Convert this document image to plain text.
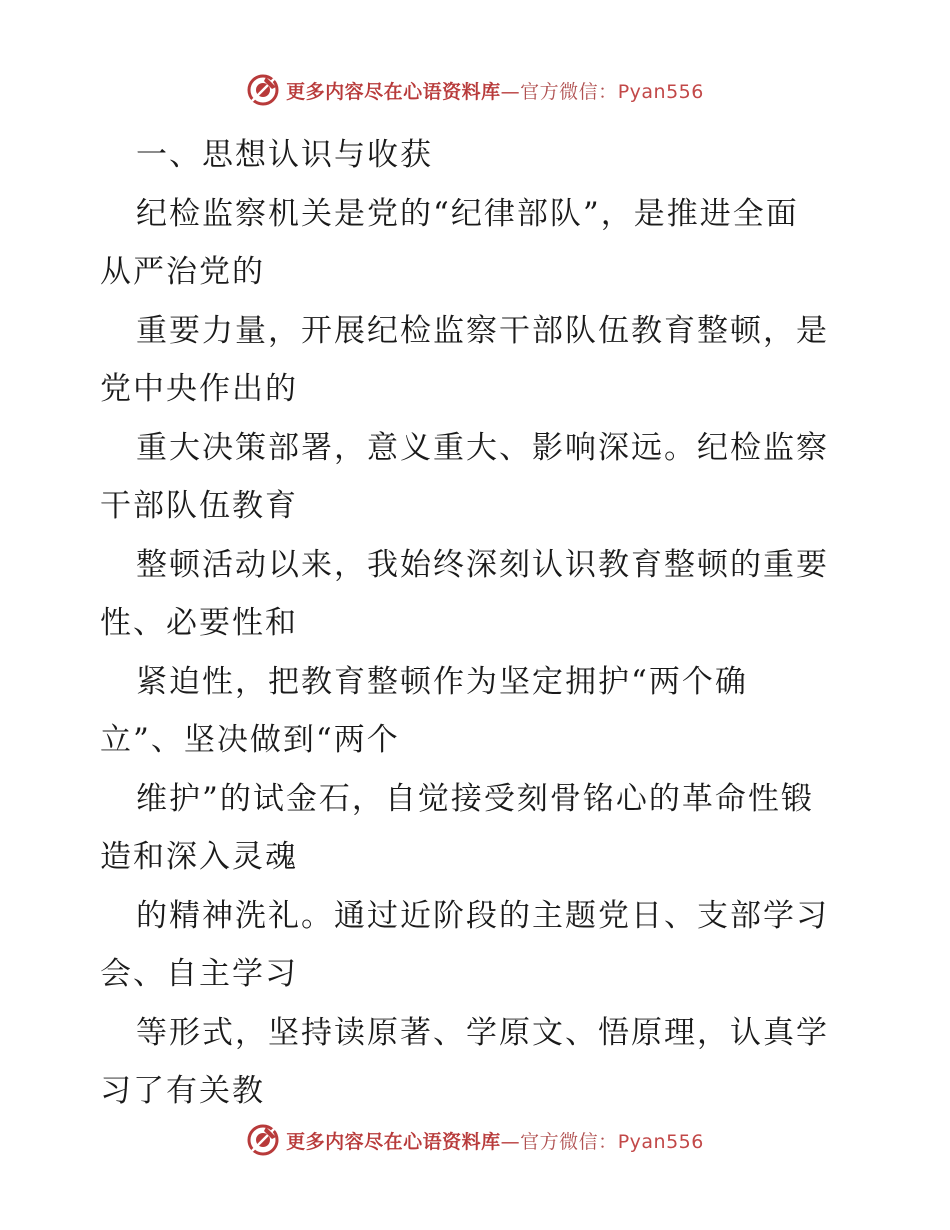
更多内容尽在心语资料库—官方微信：Pyan556
一、思想认识与收获
纪检监察机关是党的“纪律部队”，是推进全面
从严治党的
重要力量，开展纪检监察干部队伍教育整顿，是
党中央作出的
重大决策部署，意义重大、影响深远。纪检监察
干部队伍教育
整顿活动以来，我始终深刻认识教育整顿的重要
性、必要性和
紧迫性，把教育整顿作为坚定拥护“两个确
立”、坚决做到“两个
维护”的试金石，自觉接受刻骨铭心的革命性锻
造和深入灵魂
的精神洗礼。通过近阶段的主题党日、支部学习
会、自主学习
等形式，坚持读原著、学原文、悟原理，认真学
习了有关教
更多内容尽在心语资料库—官方微信：Pyan556
